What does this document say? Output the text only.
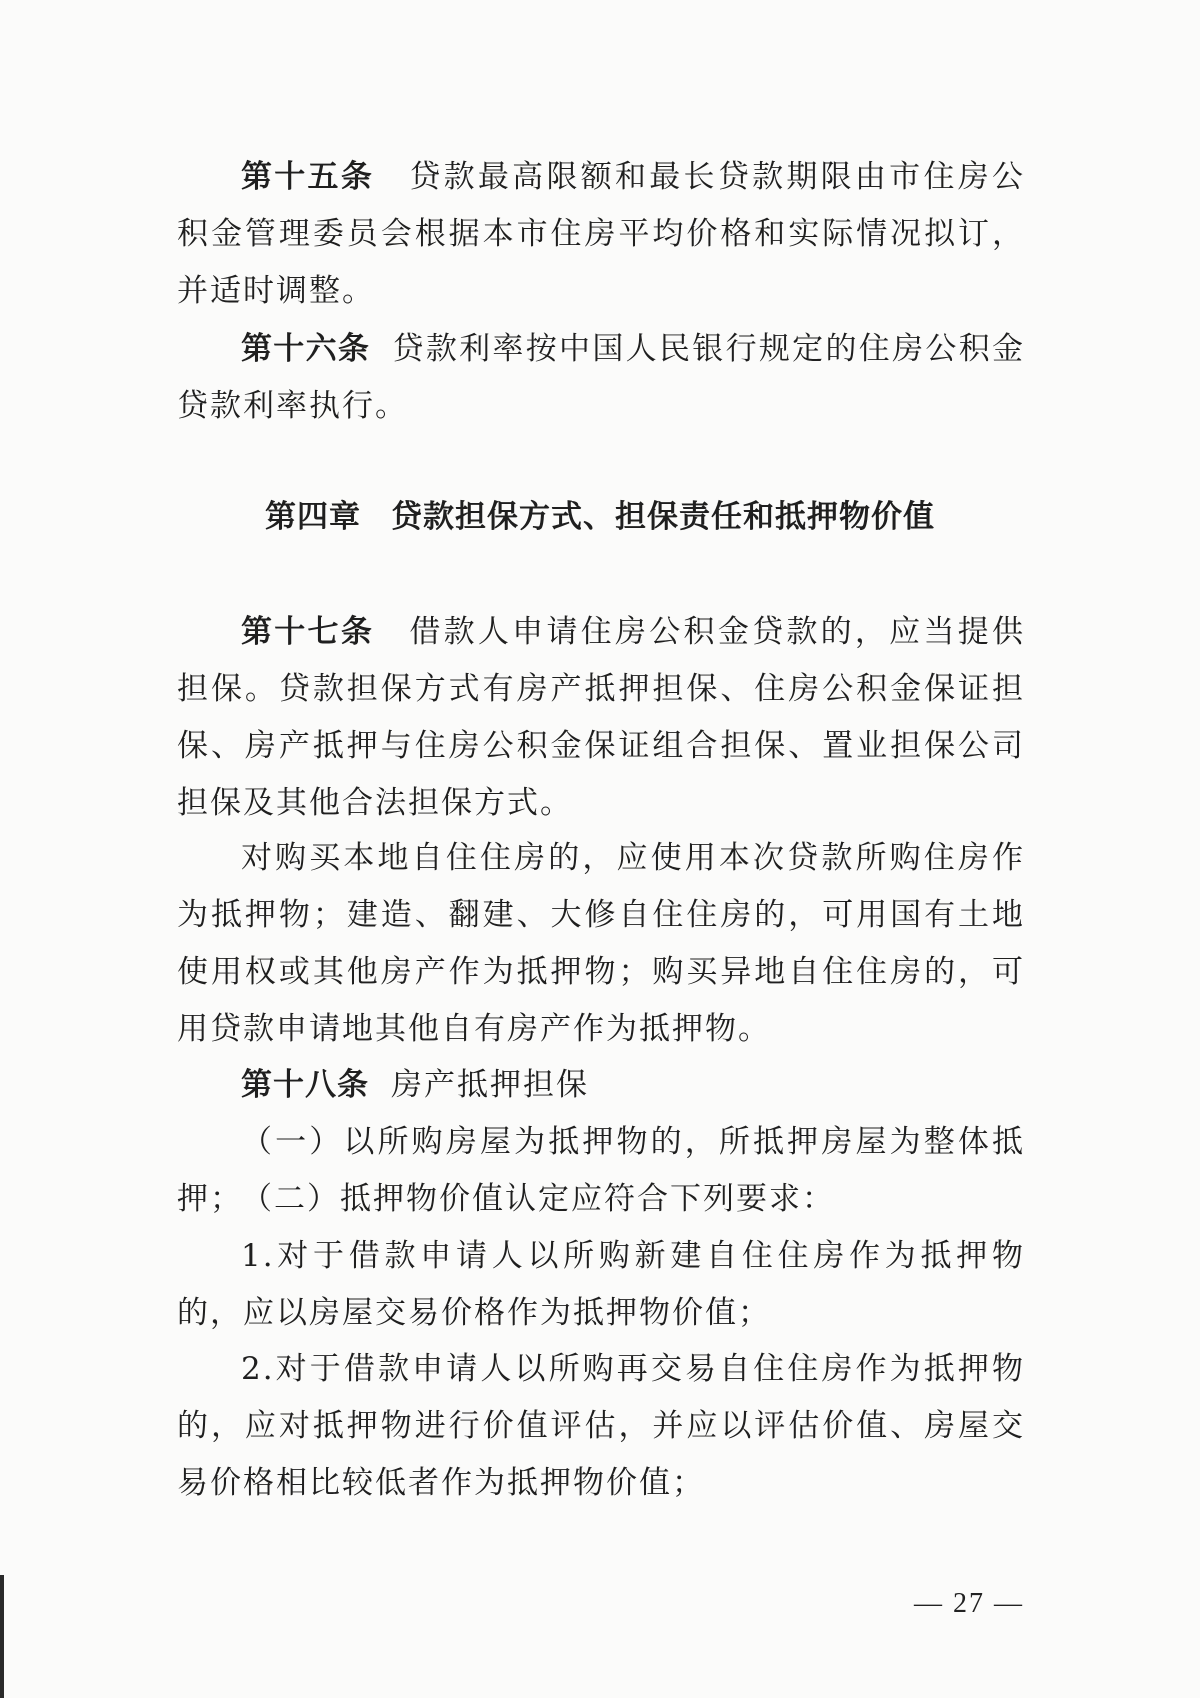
第十五条 贷款最高限额和最长贷款期限由市住房公积金管理委员会根据本市住房平均价格和实际情况拟订，并适时调整。

第十六条 贷款利率按中国人民银行规定的住房公积金贷款利率执行。

第四章 贷款担保方式、担保责任和抵押物价值

第十七条 借款人申请住房公积金贷款的，应当提供担保。贷款担保方式有房产抵押担保、住房公积金保证担保、房产抵押与住房公积金保证组合担保、置业担保公司担保及其他合法担保方式。

对购买本地自住住房的，应使用本次贷款所购住房作为抵押物；建造、翻建、大修自住住房的，可用国有土地使用权或其他房产作为抵押物；购买异地自住住房的，可用贷款申请地其他自有房产作为抵押物。

第十八条 房产抵押担保

（一）以所购房屋为抵押物的，所抵押房屋为整体抵押；

（二）抵押物价值认定应符合下列要求：

1.对于借款申请人以所购新建自住住房作为抵押物的，应以房屋交易价格作为抵押物价值；

2.对于借款申请人以所购再交易自住住房作为抵押物的，应对抵押物进行价值评估，并应以评估价值、房屋交易价格相比较低者作为抵押物价值；

— 27 —
